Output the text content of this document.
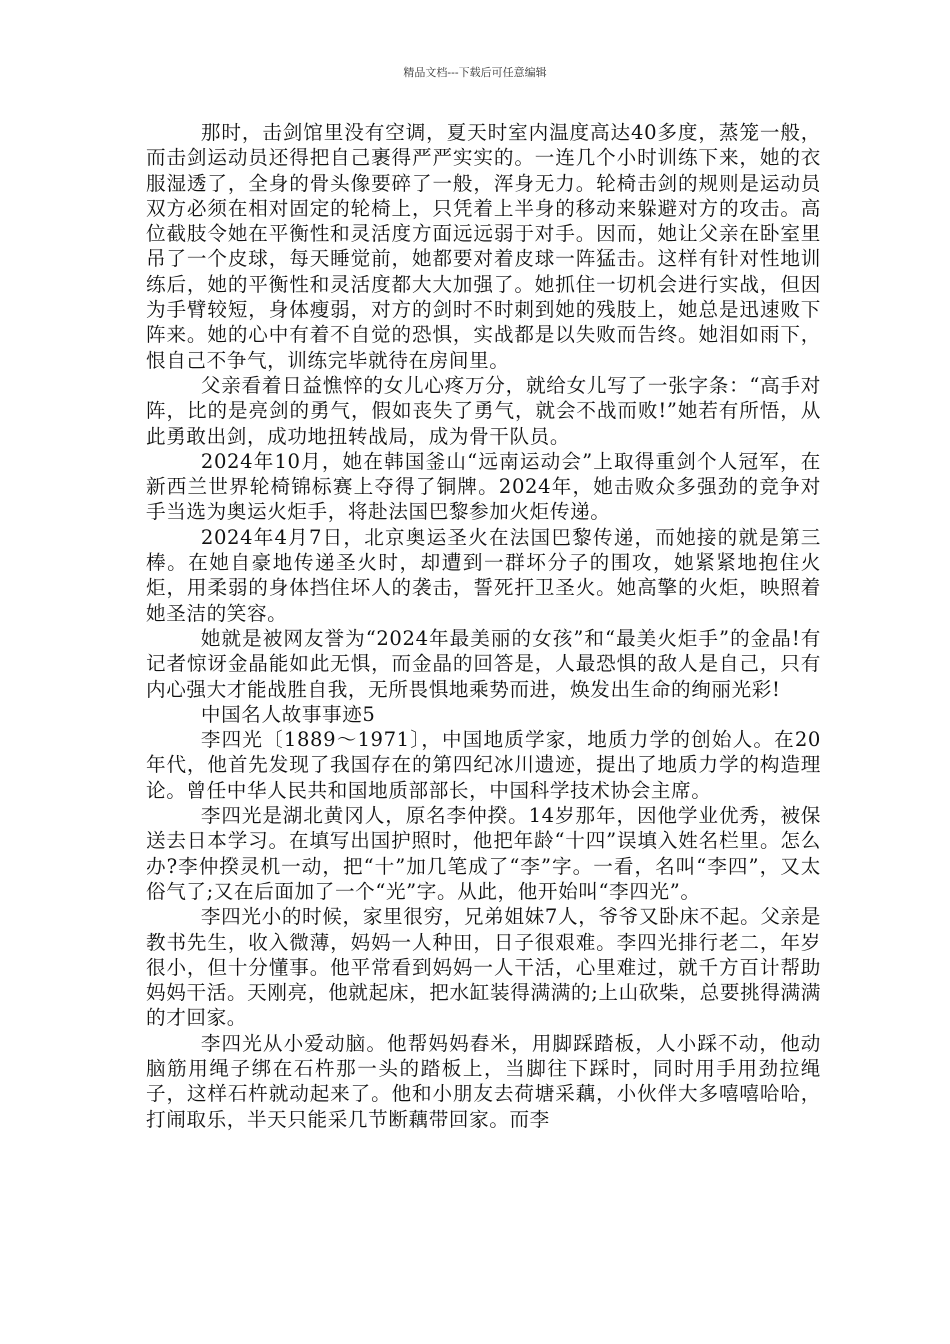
精品文档---下载后可任意编辑

那时，击剑馆里没有空调，夏天时室内温度高达40多度，蒸笼一般，而击剑运动员还得把自己裹得严严实实的。一连几个小时训练下来，她的衣服湿透了，全身的骨头像要碎了一般，浑身无力。轮椅击剑的规则是运动员双方必须在相对固定的轮椅上，只凭着上半身的移动来躲避对方的攻击。高位截肢令她在平衡性和灵活度方面远远弱于对手。因而，她让父亲在卧室里吊了一个皮球，每天睡觉前，她都要对着皮球一阵猛击。这样有针对性地训练后，她的平衡性和灵活度都大大加强了。她抓住一切机会进行实战，但因为手臂较短，身体瘦弱，对方的剑时不时刺到她的残肢上，她总是迅速败下阵来。她的心中有着不自觉的恐惧，实战都是以失败而告终。她泪如雨下，恨自己不争气，训练完毕就待在房间里。

父亲看着日益憔悴的女儿心疼万分，就给女儿写了一张字条：“高手对阵，比的是亮剑的勇气，假如丧失了勇气，就会不战而败!”她若有所悟，从此勇敢出剑，成功地扭转战局，成为骨干队员。

2024年10月，她在韩国釜山“远南运动会”上取得重剑个人冠军，在新西兰世界轮椅锦标赛上夺得了铜牌。2024年，她击败众多强劲的竞争对手当选为奥运火炬手，将赴法国巴黎参加火炬传递。

2024年4月7日，北京奥运圣火在法国巴黎传递，而她接的就是第三棒。在她自豪地传递圣火时，却遭到一群坏分子的围攻，她紧紧地抱住火炬，用柔弱的身体挡住坏人的袭击，誓死扞卫圣火。她高擎的火炬，映照着她圣洁的笑容。

她就是被网友誉为“2024年最美丽的女孩”和“最美火炬手”的金晶!有记者惊讶金晶能如此无惧，而金晶的回答是，人最恐惧的敌人是自己，只有内心强大才能战胜自我，无所畏惧地乘势而进，焕发出生命的绚丽光彩!

中国名人故事事迹5

李四光〔1889～1971〕，中国地质学家，地质力学的创始人。在20年代，他首先发现了我国存在的第四纪冰川遗迹，提出了地质力学的构造理论。曾任中华人民共和国地质部部长，中国科学技术协会主席。

李四光是湖北黄冈人，原名李仲揆。14岁那年，因他学业优秀，被保送去日本学习。在填写出国护照时，他把年龄“十四”误填入姓名栏里。怎么办?李仲揆灵机一动，把“十”加几笔成了“李”字。一看，名叫“李四”，又太俗气了;又在后面加了一个“光”字。从此，他开始叫“李四光”。

李四光小的时候，家里很穷，兄弟姐妹7人，爷爷又卧床不起。父亲是教书先生，收入微薄，妈妈一人种田，日子很艰难。李四光排行老二，年岁很小，但十分懂事。他平常看到妈妈一人干活，心里难过，就千方百计帮助妈妈干活。天刚亮，他就起床，把水缸装得满满的;上山砍柴，总要挑得满满的才回家。

李四光从小爱动脑。他帮妈妈舂米，用脚踩踏板，人小踩不动，他动脑筋用绳子绑在石杵那一头的踏板上，当脚往下踩时，同时用手用劲拉绳子，这样石杵就动起来了。他和小朋友去荷塘采藕，小伙伴大多嘻嘻哈哈，打闹取乐，半天只能采几节断藕带回家。而李
